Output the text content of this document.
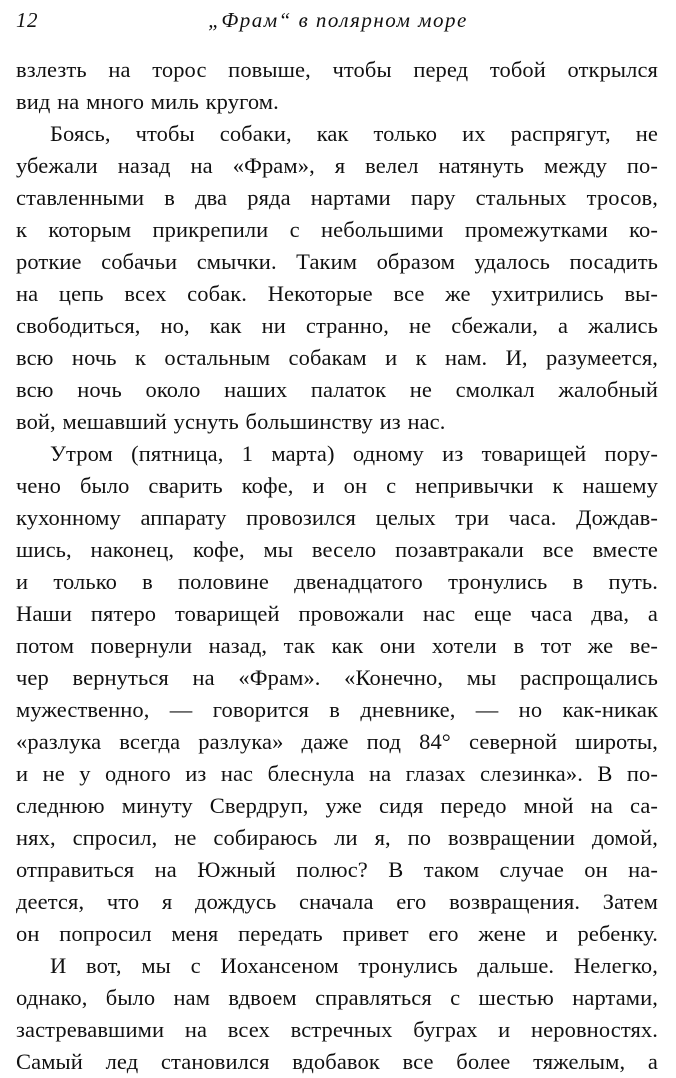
12	„Фрам“ в полярном море
взлезть на торос повыше, чтобы перед тобой открылся
вид на много миль кругом.
Боясь, чтобы собаки, как только их распрягут, не
убежали назад на «Фрам», я велел натянуть между по-
ставленными в два ряда нартами пару стальных тросов,
к которым прикрепили с небольшими промежутками ко-
роткие собачьи смычки. Таким образом удалось посадить
на цепь всех собак. Некоторые все же ухитрились вы-
свободиться, но, как ни странно, не сбежали, а жались
всю ночь к остальным собакам и к нам. И, разумеется,
всю ночь около наших палаток не смолкал жалобный
вой, мешавший уснуть большинству из нас.
Утром (пятница, 1 марта) одному из товарищей пору-
чено было сварить кофе, и он с непривычки к нашему
кухонному аппарату провозился целых три часа. Дождав-
шись, наконец, кофе, мы весело позавтракали все вместе
и только в половине двенадцатого тронулись в путь.
Наши пятеро товарищей провожали нас еще часа два, а
потом повернули назад, так как они хотели в тот же ве-
чер вернуться на «Фрам». «Конечно, мы распрощались
мужественно, — говорится в дневнике, — но как-никак
«разлука всегда разлука» даже под 84° северной широты,
и не у одного из нас блеснула на глазах слезинка». В по-
следнюю минуту Свердруп, уже сидя передо мной на са-
нях, спросил, не собираюсь ли я, по возвращении домой,
отправиться на Южный полюс? В таком случае он на-
деется, что я дождусь сначала его возвращения. Затем
он попросил меня передать привет его жене и ребенку.
И вот, мы с Иохансеном тронулись дальше. Нелегко,
однако, было нам вдвоем справляться с шестью нартами,
застревавшими на всех встречных буграх и неровностях.
Самый лед становился вдобавок все более тяжелым, а
